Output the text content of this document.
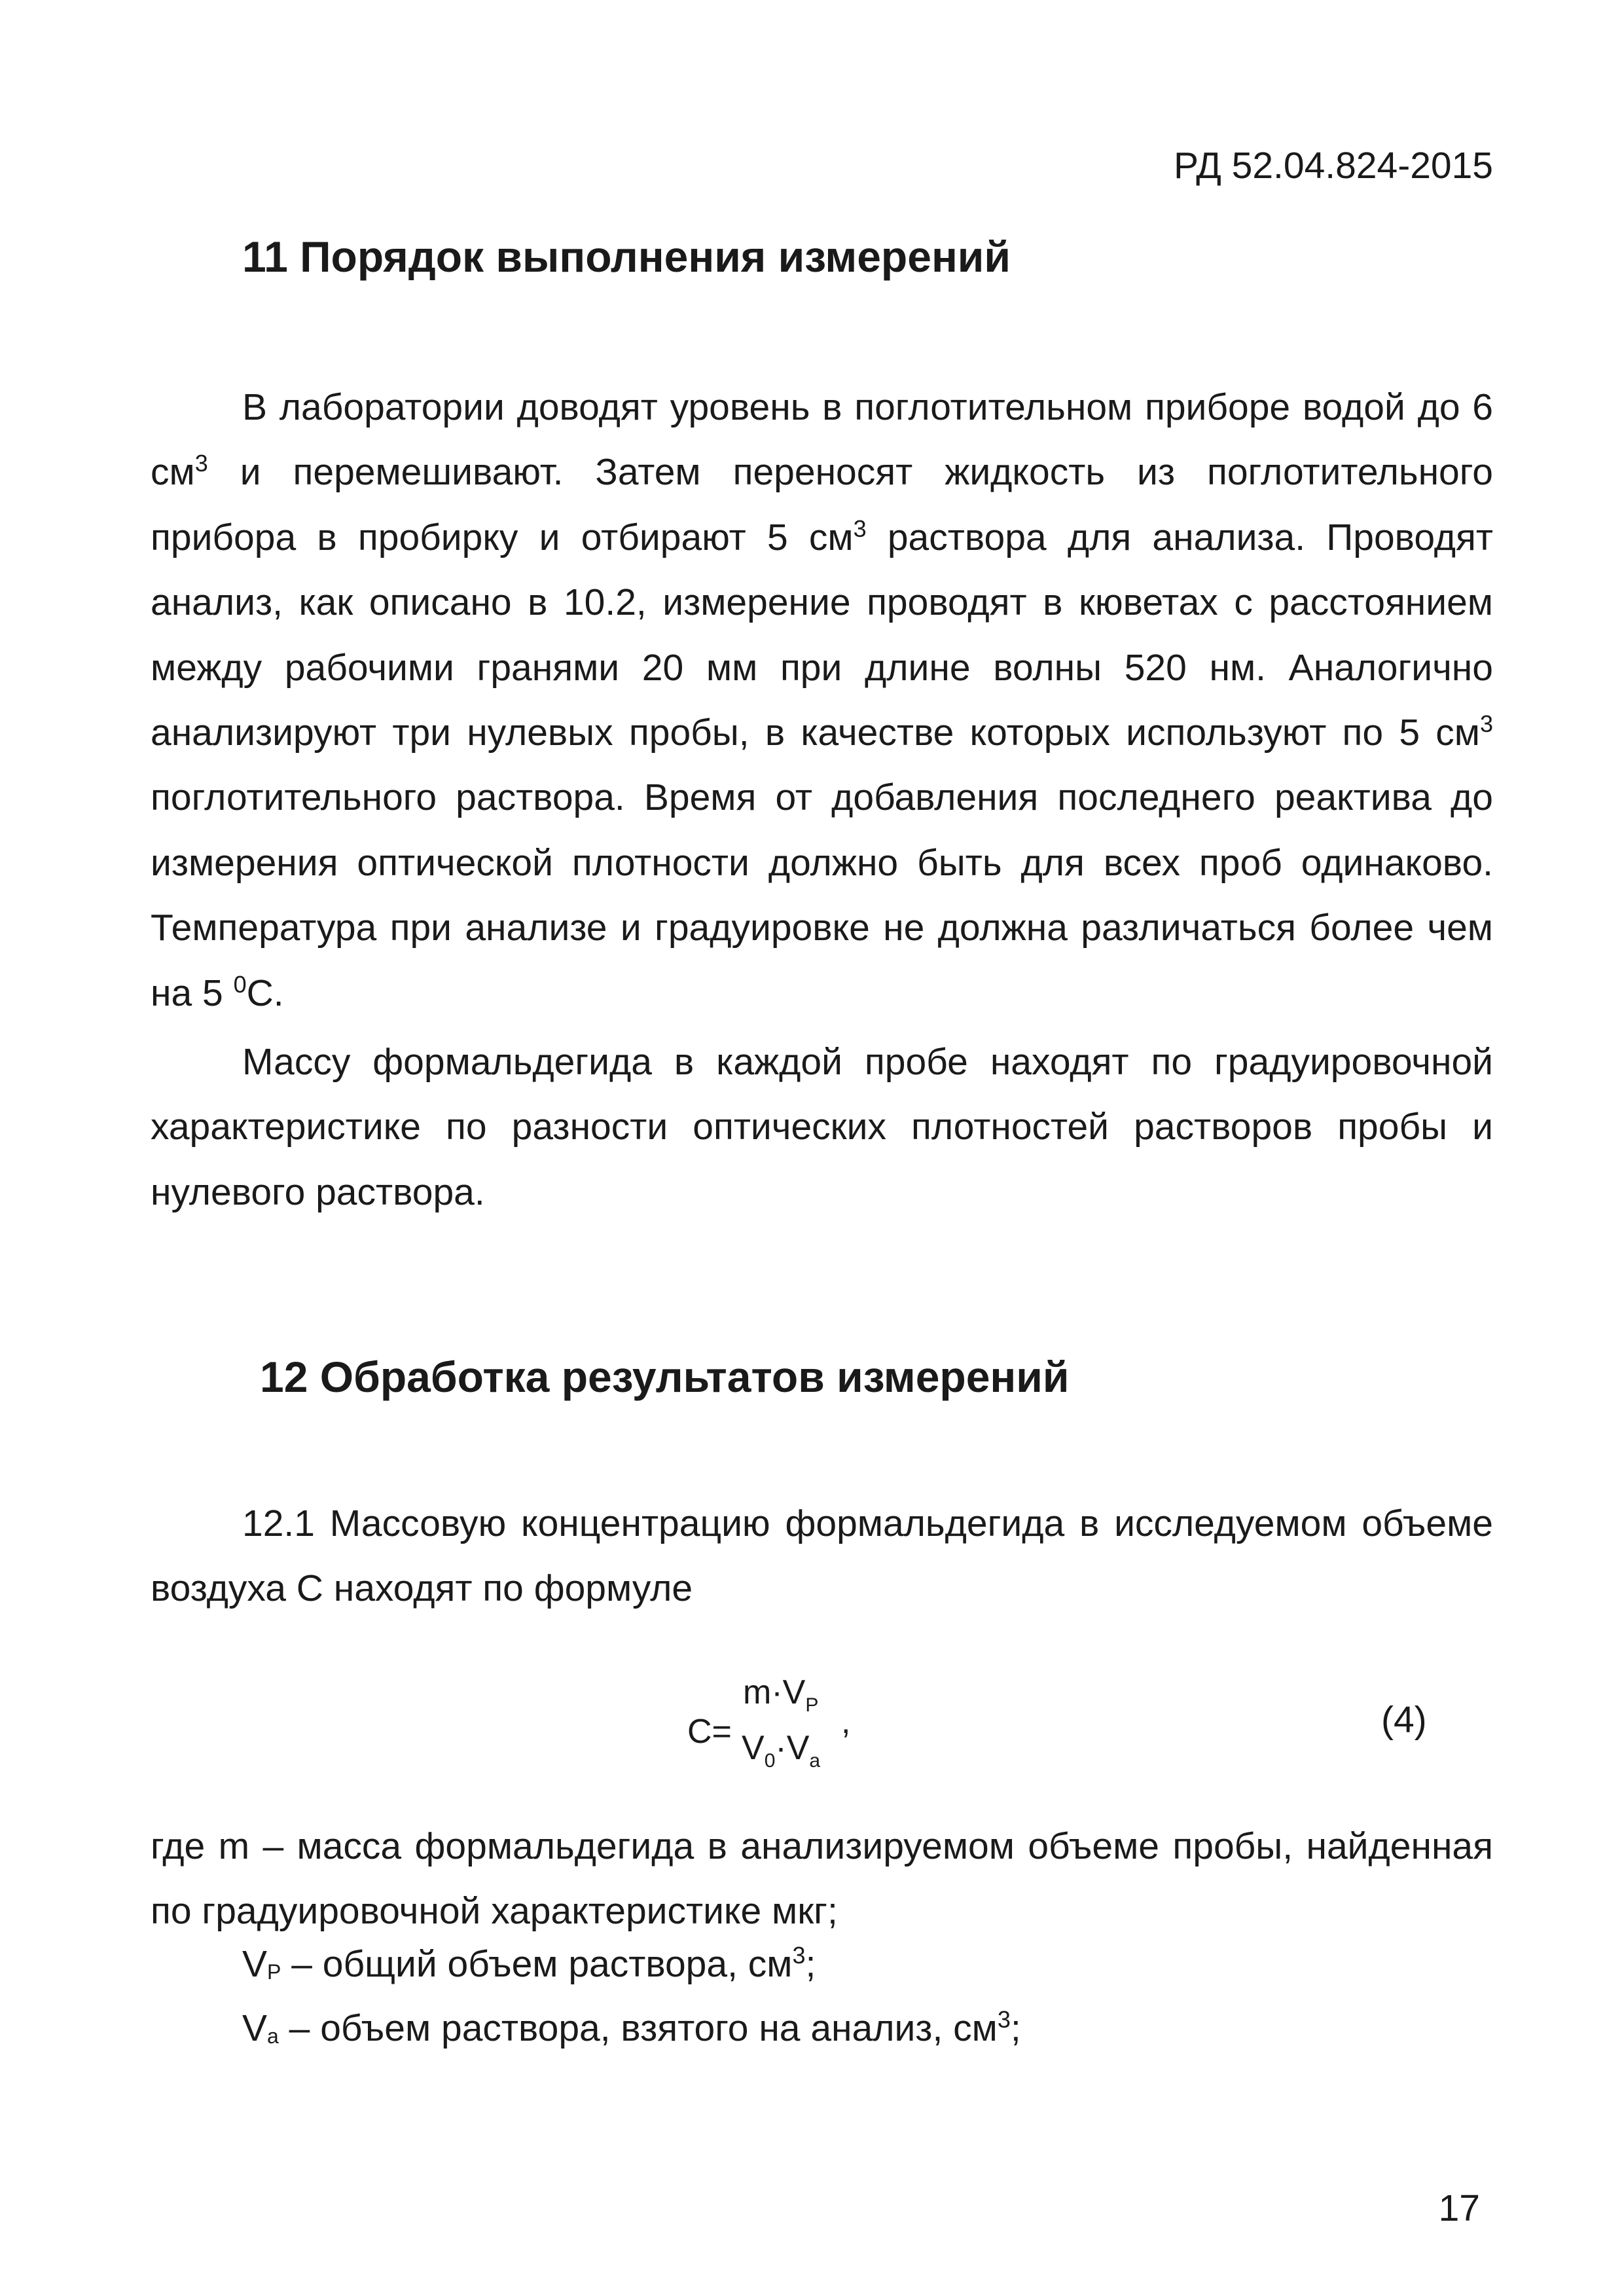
РД 52.04.824-2015
11 Порядок выполнения измерений

В лаборатории доводят уровень в поглотительном приборе водой до 6 $см^3$ и перемешивают. Затем переносят жидкость из поглотительного прибора в пробирку и отбирают 5 $см^3$ раствора для анализа. Проводят анализ, как описано в 10.2, измерение проводят в кюветах с расстоянием между рабочими гранями 20 мм при длине волны 520 нм. Аналогично анализируют три нулевых пробы, в качестве которых используют по 5 $см^3$ поглотительного раствора. Время от добавления последнего реактива до измерения оптической плотности должно быть для всех проб одинаково. Температура при анализе и градуировке не должна различаться более чем на 5 $^0$С.

Массу формальдегида в каждой пробе находят по градуировочной характеристике по разности оптических плотностей растворов пробы и нулевого раствора.

12 Обработка результатов измерений

12.1 Массовую концентрацию формальдегида в исследуемом объеме воздуха С находят по формуле

C=
$m\cdot V_P$
$V_0\cdot V_a$
,	(4)

где m – масса формальдегида в анализируемом объеме пробы, найденная по градуировочной характеристике мкг;

VP – общий объем раствора, $см^3$;

Va – объем раствора, взятого на анализ, $см^3$;

17
